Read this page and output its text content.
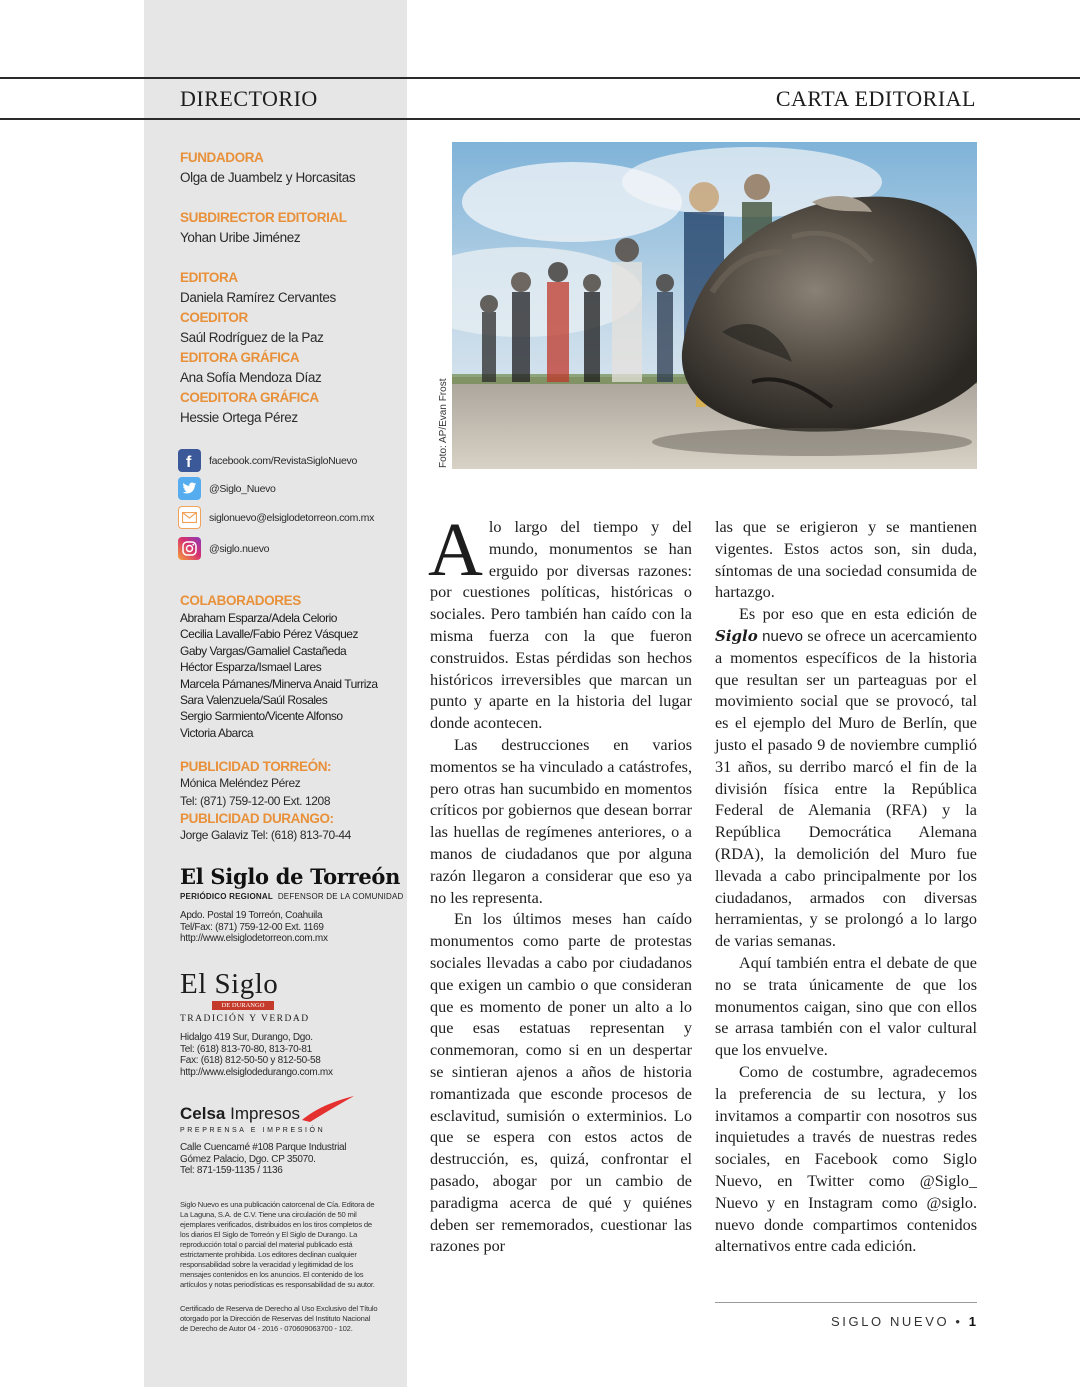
DIRECTORIO	CARTA EDITORIAL
FUNDADORA
Olga de Juambelz y Horcasitas
SUBDIRECTOR EDITORIAL
Yohan Uribe Jiménez
EDITORA
Daniela Ramírez Cervantes
COEDITOR
Saúl Rodríguez de la Paz
EDITORA GRÁFICA
Ana Sofía Mendoza Díaz
COEDITORA GRÁFICA
Hessie Ortega Pérez
f facebook.com/RevistaSigloNuevo
@Siglo_Nuevo
siglonuevo@elsiglodetorreon.com.mx
@siglo.nuevo
COLABORADORES
Abraham Esparza/Adela Celorio
Cecilia Lavalle/Fabio Pérez Vásquez
Gaby Vargas/Gamaliel Castañeda
Héctor Esparza/Ismael Lares
Marcela Pámanes/Minerva Anaid Turriza
Sara Valenzuela/Saúl Rosales
Sergio Sarmiento/Vicente Alfonso
Victoria Abarca
PUBLICIDAD TORREÓN:
Mónica Meléndez Pérez
Tel: (871) 759-12-00 Ext. 1208
PUBLICIDAD DURANGO:
Jorge Galaviz Tel: (618) 813-70-44
El Siglo de Torreón
PERIÓDICO REGIONAL DEFENSOR DE LA COMUNIDAD
Apdo. Postal 19 Torreón, Coahuila
Tel/Fax: (871) 759-12-00 Ext. 1169
http://www.elsiglodetorreon.com.mx
El Siglo
DE DURANGO
TRADICIÓN Y VERDAD
Hidalgo 419 Sur, Durango, Dgo.
Tel: (618) 813-70-80, 813-70-81
Fax: (618) 812-50-50 y 812-50-58
http://www.elsiglodedurango.com.mx
Celsa Impresos
PREPRENSA E IMPRESIÓN
Calle Cuencamé #108 Parque Industrial
Gómez Palacio, Dgo. CP 35070.
Tel: 871-159-1135 / 1136
Siglo Nuevo es una publicación catorcenal de Cía. Editora de La Laguna, S.A. de C.V. Tiene una circulación de 50 mil ejemplares verificados, distribuidos en los tiros completos de los diarios El Siglo de Torreón y El Siglo de Durango. La reproducción total o parcial del material publicado está estrictamente prohibida. Los editores declinan cualquier responsabilidad sobre la veracidad y legitimidad de los mensajes contenidos en los anuncios. El contenido de los artículos y notas periodísticas es responsabilidad de su autor.
Certificado de Reserva de Derecho al Uso Exclusivo del Título otorgado por la Dirección de Reservas del Instituto Nacional de Derecho de Autor 04 - 2016 - 070609063700 - 102.
Foto: AP/Evan Frost

Alo largo del tiempo y del mundo, monumentos se han erguido por diversas razones: por cuestiones políticas, históricas o sociales. Pero también han caído con la misma fuerza con la que fueron construidos. Estas pérdidas son hechos históricos irreversibles que marcan un punto y aparte en la historia del lugar donde acontecen.

Las destrucciones en varios momentos se ha vinculado a catástrofes, pero otras han sucumbido en momentos críticos por gobiernos que desean borrar las huellas de regímenes anteriores, o a manos de ciudadanos que por alguna razón llegaron a considerar que eso ya no les representa.

En los últimos meses han caído monumentos como parte de protestas sociales llevadas a cabo por ciudadanos que exigen un cambio o que consideran que es momento de poner un alto a lo que esas estatuas representan y conmemoran, como si en un despertar se sintieran ajenos a años de historia romantizada que esconde procesos de esclavitud, sumisión o exterminios. Lo que se espera con estos actos de destrucción, es, quizá, confrontar el pasado, abogar por un cambio de paradigma acerca de qué y quiénes deben ser rememorados, cuestionar las razones por

las que se erigieron y se mantienen vigentes. Estos actos son, sin duda, síntomas de una sociedad consumida de hartazgo.

Es por eso que en esta edición de Siglo nuevo se ofrece un acercamiento a momentos específicos de la historia que resultan ser un parteaguas por el movimiento social que se provocó, tal es el ejemplo del Muro de Berlín, que justo el pasado 9 de noviembre cumplió 31 años, su derribo marcó el fin de la división física entre la República Federal de Alemania (RFA) y la República Democrática Alemana (RDA), la demolición del Muro fue llevada a cabo principalmente por los ciudadanos, armados con diversas herramientas, y se prolongó a lo largo de varias semanas.

Aquí también entra el debate de que no se trata únicamente de que los monumentos caigan, sino que con ellos se arrasa también con el valor cultural que los envuelve.

Como de costumbre, agradecemos la preferencia de su lectura, y los invitamos a compartir con nosotros sus inquietudes a través de nuestras redes sociales, en Facebook como Siglo Nuevo, en Twitter como @Siglo_ Nuevo y en Instagram como @siglo. nuevo donde compartimos contenidos alternativos entre cada edición.

SIGLO NUEVO • 1
